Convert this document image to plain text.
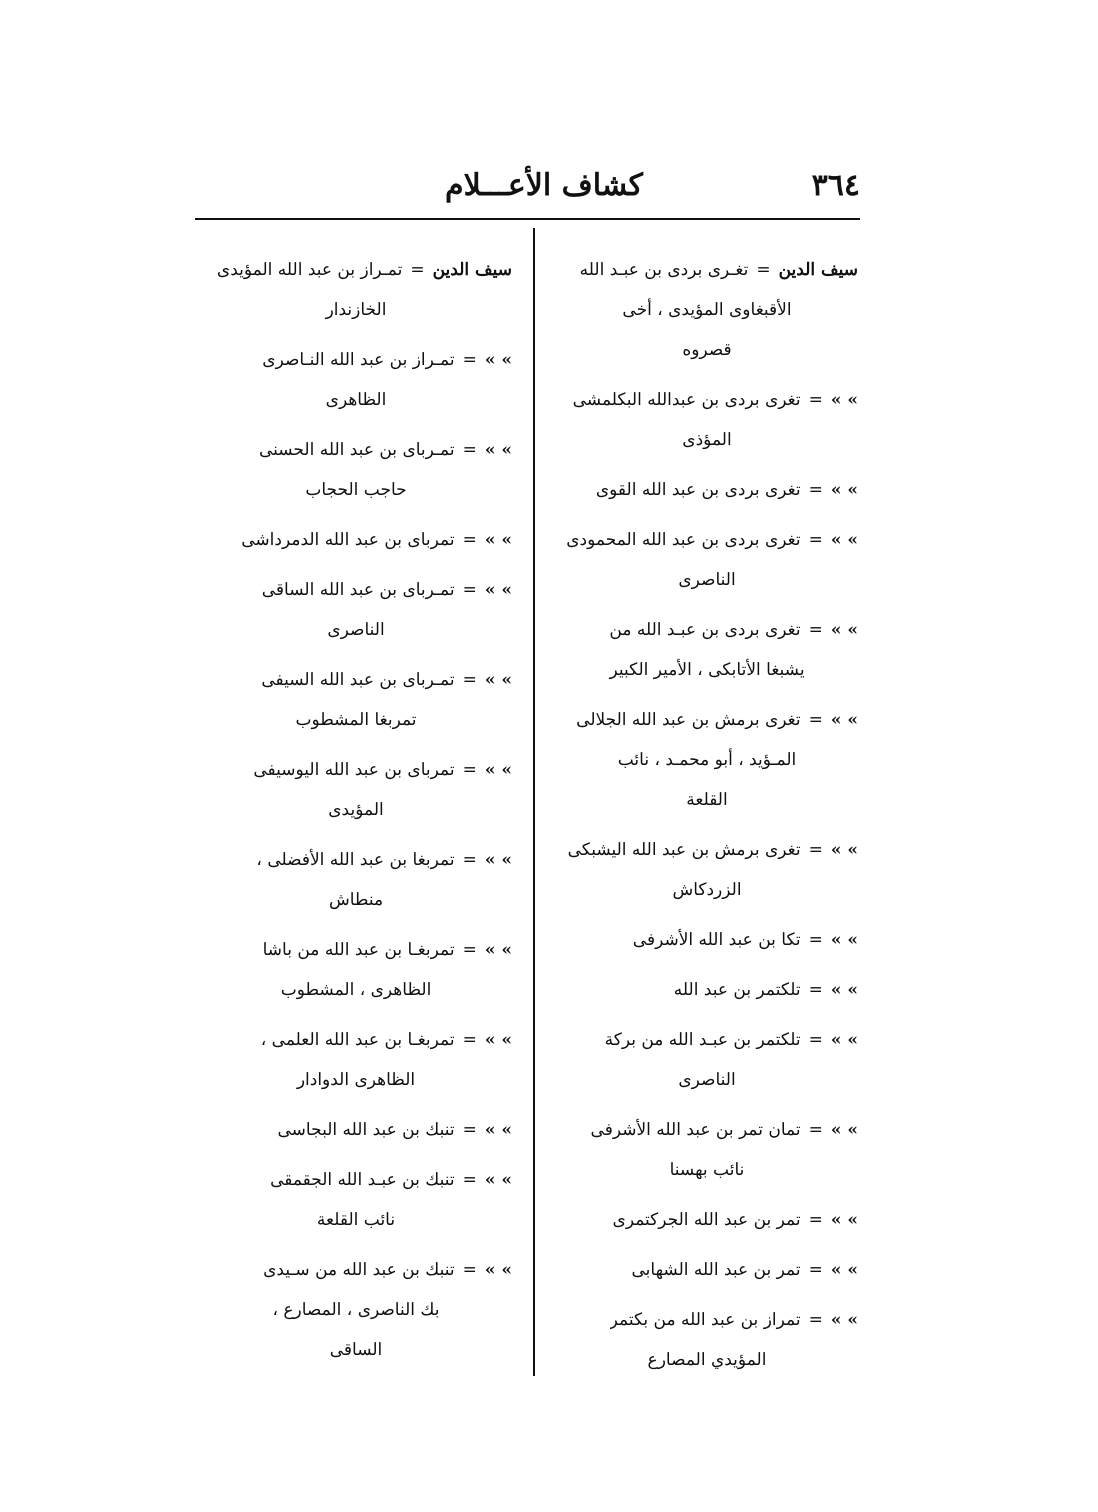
٣٦٤
كشاف الأعـــلام
سيف الدين
=
تغـرى بردى بن عبـد الله
الأقبغاوى المؤيدى ، أخى
قصروه
» »
=
تغرى بردى بن عبدالله البكلمشى
المؤذى
» »
=
تغرى بردى بن عبد الله القوى
» »
=
تغرى بردى بن عبد الله المحمودى
الناصرى
» »
=
تغرى بردى بن عبـد الله من
يشبغا الأتابكى ، الأمير الكبير
» »
=
تغرى برمش بن عبد الله الجلالى
المـؤيد ، أبو محمـد ، نائب
القلعة
» »
=
تغرى برمش بن عبد الله اليشبكى
الزردكاش
» »
=
تكا بن عبد الله الأشرفى
» »
=
تلكتمر بن عبد الله
» »
=
تلكتمر بن عبـد الله من بركة
الناصرى
» »
=
تمان تمر بن عبد الله الأشرفى
نائب بهسنا
» »
=
تمر بن عبد الله الجركتمرى
» »
=
تمر بن عبد الله الشهابى
» »
=
تمراز بن عبد الله من بكتمر
المؤيدي المصارع
سيف الدين
=
تمـراز بن عبد الله المؤيدى
الخازندار
» »
=
تمـراز بن عبد الله النـاصرى
الظاهرى
» »
=
تمـرباى بن عبد الله الحسنى
حاجب الحجاب
» »
=
تمرباى بن عبد الله الدمرداشى
» »
=
تمـرباى بن عبد الله الساقى
الناصرى
» »
=
تمـرباى بن عبد الله السيفى
تمربغا المشطوب
» »
=
تمرباى بن عبد الله اليوسيفى
المؤيدى
» »
=
تمربغا بن عبد الله الأفضلى ،
منطاش
» »
=
تمربغـا بن عبد الله من باشا
الظاهرى ، المشطوب
» »
=
تمربغـا بن عبد الله العلمى ،
الظاهرى الدوادار
» »
=
تنبك بن عبد الله البجاسى
» »
=
تنبك بن عبـد الله الجقمقى
نائب القلعة
» »
=
تنبك بن عبد الله من سـيدى
بك الناصرى ، المصارع ،
الساقى
